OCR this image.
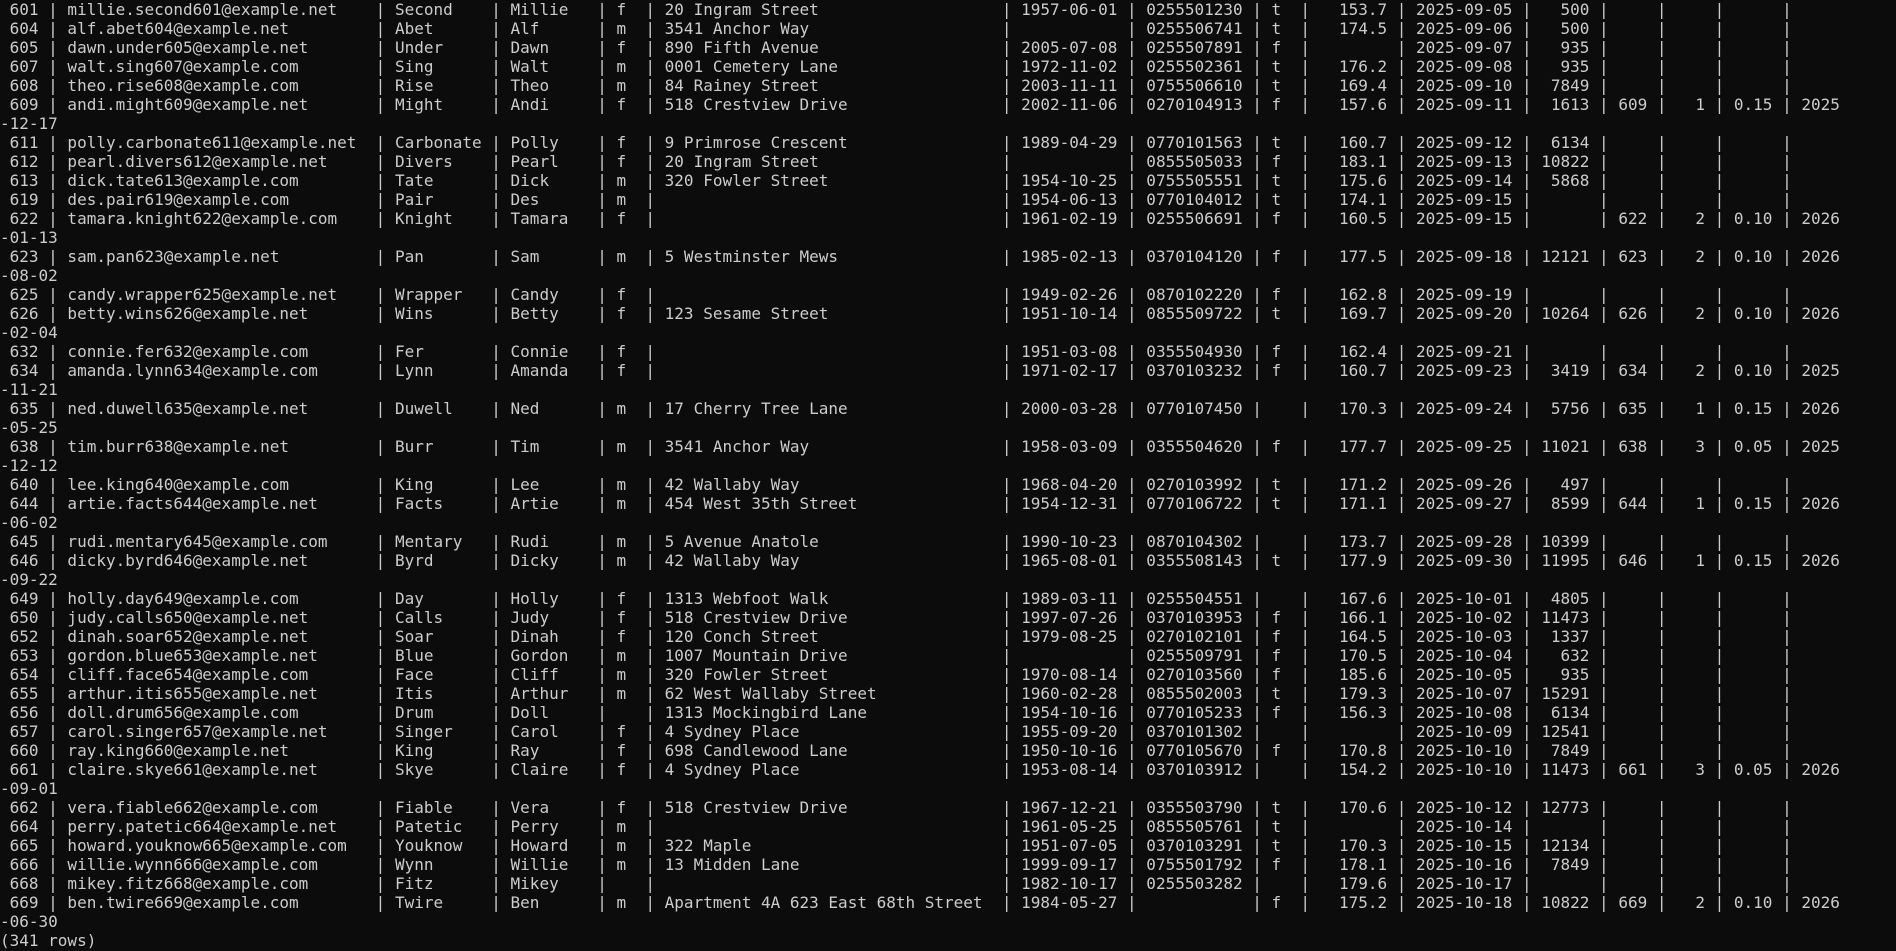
601 | millie.second601@example.net    | Second    | Millie   | f  | 20 Ingram Street                   | 1957-06-01 | 0255501230 | t  |   153.7 | 2025-09-05 |   500 |     |     |      |
604 | alf.abet604@example.net         | Abet      | Alf      | m  | 3541 Anchor Way                    |            | 0255506741 | t  |   174.5 | 2025-09-06 |   500 |     |     |      |
605 | dawn.under605@example.net       | Under     | Dawn     | f  | 890 Fifth Avenue                   | 2005-07-08 | 0255507891 | f  |         | 2025-09-07 |   935 |     |     |      |
607 | walt.sing607@example.com        | Sing      | Walt     | m  | 0001 Cemetery Lane                 | 1972-11-02 | 0255502361 | t  |   176.2 | 2025-09-08 |   935 |     |     |      |
608 | theo.rise608@example.com        | Rise      | Theo     | m  | 84 Rainey Street                   | 2003-11-11 | 0755506610 | t  |   169.4 | 2025-09-10 |  7849 |     |     |      |
609 | andi.might609@example.net       | Might     | Andi     | f  | 518 Crestview Drive                | 2002-11-06 | 0270104913 | f  |   157.6 | 2025-09-11 |  1613 | 609 |   1 | 0.15 | 2025
-12-17
611 | polly.carbonate611@example.net  | Carbonate | Polly    | f  | 9 Primrose Crescent                | 1989-04-29 | 0770101563 | t  |   160.7 | 2025-09-12 |  6134 |     |     |      |
612 | pearl.divers612@example.net     | Divers    | Pearl    | f  | 20 Ingram Street                   |            | 0855505033 | f  |   183.1 | 2025-09-13 | 10822 |     |     |      |
613 | dick.tate613@example.com        | Tate      | Dick     | m  | 320 Fowler Street                  | 1954-10-25 | 0755505551 | t  |   175.6 | 2025-09-14 |  5868 |     |     |      |
619 | des.pair619@example.com         | Pair      | Des      | m  |                                    | 1954-06-13 | 0770104012 | t  |   174.1 | 2025-09-15 |       |     |     |      |
622 | tamara.knight622@example.com    | Knight    | Tamara   | f  |                                    | 1961-02-19 | 0255506691 | f  |   160.5 | 2025-09-15 |       | 622 |   2 | 0.10 | 2026
-01-13
623 | sam.pan623@example.net          | Pan       | Sam      | m  | 5 Westminster Mews                 | 1985-02-13 | 0370104120 | f  |   177.5 | 2025-09-18 | 12121 | 623 |   2 | 0.10 | 2026
-08-02
625 | candy.wrapper625@example.net    | Wrapper   | Candy    | f  |                                    | 1949-02-26 | 0870102220 | f  |   162.8 | 2025-09-19 |       |     |     |      |
626 | betty.wins626@example.net       | Wins      | Betty    | f  | 123 Sesame Street                  | 1951-10-14 | 0855509722 | t  |   169.7 | 2025-09-20 | 10264 | 626 |   2 | 0.10 | 2026
-02-04
632 | connie.fer632@example.com       | Fer       | Connie   | f  |                                    | 1951-03-08 | 0355504930 | f  |   162.4 | 2025-09-21 |       |     |     |      |
634 | amanda.lynn634@example.com      | Lynn      | Amanda   | f  |                                    | 1971-02-17 | 0370103232 | f  |   160.7 | 2025-09-23 |  3419 | 634 |   2 | 0.10 | 2025
-11-21
635 | ned.duwell635@example.net       | Duwell    | Ned      | m  | 17 Cherry Tree Lane                | 2000-03-28 | 0770107450 |    |   170.3 | 2025-09-24 |  5756 | 635 |   1 | 0.15 | 2026
-05-25
638 | tim.burr638@example.net         | Burr      | Tim      | m  | 3541 Anchor Way                    | 1958-03-09 | 0355504620 | f  |   177.7 | 2025-09-25 | 11021 | 638 |   3 | 0.05 | 2025
-12-12
640 | lee.king640@example.com         | King      | Lee      | m  | 42 Wallaby Way                     | 1968-04-20 | 0270103992 | t  |   171.2 | 2025-09-26 |   497 |     |     |      |
644 | artie.facts644@example.net      | Facts     | Artie    | m  | 454 West 35th Street               | 1954-12-31 | 0770106722 | t  |   171.1 | 2025-09-27 |  8599 | 644 |   1 | 0.15 | 2026
-06-02
645 | rudi.mentary645@example.com     | Mentary   | Rudi     | m  | 5 Avenue Anatole                   | 1990-10-23 | 0870104302 |    |   173.7 | 2025-09-28 | 10399 |     |     |      |
646 | dicky.byrd646@example.net       | Byrd      | Dicky    | m  | 42 Wallaby Way                     | 1965-08-01 | 0355508143 | t  |   177.9 | 2025-09-30 | 11995 | 646 |   1 | 0.15 | 2026
-09-22
649 | holly.day649@example.com        | Day       | Holly    | f  | 1313 Webfoot Walk                  | 1989-03-11 | 0255504551 |    |   167.6 | 2025-10-01 |  4805 |     |     |      |
650 | judy.calls650@example.net       | Calls     | Judy     | f  | 518 Crestview Drive                | 1997-07-26 | 0370103953 | f  |   166.1 | 2025-10-02 | 11473 |     |     |      |
652 | dinah.soar652@example.net       | Soar      | Dinah    | f  | 120 Conch Street                   | 1979-08-25 | 0270102101 | f  |   164.5 | 2025-10-03 |  1337 |     |     |      |
653 | gordon.blue653@example.net      | Blue      | Gordon   | m  | 1007 Mountain Drive                |            | 0255509791 | f  |   170.5 | 2025-10-04 |   632 |     |     |      |
654 | cliff.face654@example.com       | Face      | Cliff    | m  | 320 Fowler Street                  | 1970-08-14 | 0270103560 | f  |   185.6 | 2025-10-05 |   935 |     |     |      |
655 | arthur.itis655@example.net      | Itis      | Arthur   | m  | 62 West Wallaby Street             | 1960-02-28 | 0855502003 | t  |   179.3 | 2025-10-07 | 15291 |     |     |      |
656 | doll.drum656@example.com        | Drum      | Doll     |    | 1313 Mockingbird Lane              | 1954-10-16 | 0770105233 | f  |   156.3 | 2025-10-08 |  6134 |     |     |      |
657 | carol.singer657@example.net     | Singer    | Carol    | f  | 4 Sydney Place                     | 1955-09-20 | 0370101302 |    |         | 2025-10-09 | 12541 |     |     |      |
660 | ray.king660@example.net         | King      | Ray      | f  | 698 Candlewood Lane                | 1950-10-16 | 0770105670 | f  |   170.8 | 2025-10-10 |  7849 |     |     |      |
661 | claire.skye661@example.net      | Skye      | Claire   | f  | 4 Sydney Place                     | 1953-08-14 | 0370103912 |    |   154.2 | 2025-10-10 | 11473 | 661 |   3 | 0.05 | 2026
-09-01
662 | vera.fiable662@example.com      | Fiable    | Vera     | f  | 518 Crestview Drive                | 1967-12-21 | 0355503790 | t  |   170.6 | 2025-10-12 | 12773 |     |     |      |
664 | perry.patetic664@example.net    | Patetic   | Perry    | m  |                                    | 1961-05-25 | 0855505761 | t  |         | 2025-10-14 |       |     |     |      |
665 | howard.youknow665@example.com   | Youknow   | Howard   | m  | 322 Maple                          | 1951-07-05 | 0370103291 | t  |   170.3 | 2025-10-15 | 12134 |     |     |      |
666 | willie.wynn666@example.com      | Wynn      | Willie   | m  | 13 Midden Lane                     | 1999-09-17 | 0755501792 | f  |   178.1 | 2025-10-16 |  7849 |     |     |      |
668 | mikey.fitz668@example.com       | Fitz      | Mikey    |    |                                    | 1982-10-17 | 0255503282 |    |   179.6 | 2025-10-17 |       |     |     |      |
669 | ben.twire669@example.com        | Twire     | Ben      | m  | Apartment 4A 623 East 68th Street  | 1984-05-27 |            | f  |   175.2 | 2025-10-18 | 10822 | 669 |   2 | 0.10 | 2026
-06-30
(341 rows)
